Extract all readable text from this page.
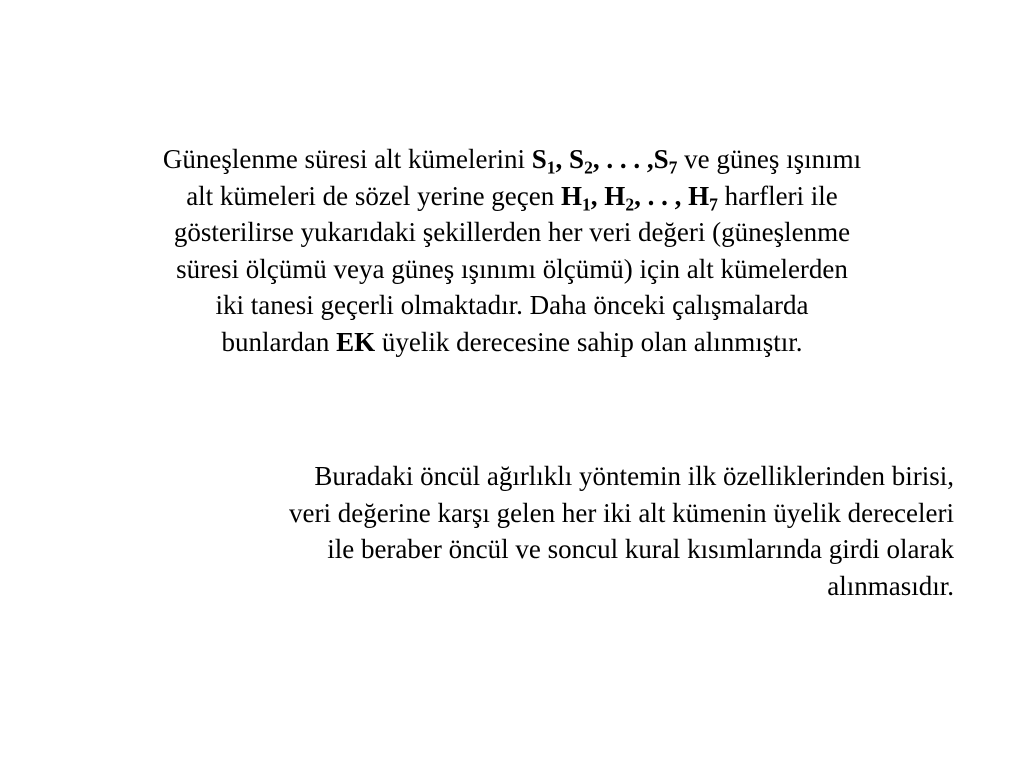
Güneşlenme süresi alt kümelerini $S_1$, $S_2$, . . . $,S_7$ ve güneş ışınımı
alt kümeleri de sözel yerine geçen $H_1$, $H_2$, . . , $H_7$ harfleri ile
gösterilirse yukarıdaki şekillerden her veri değeri (güneşlenme
süresi ölçümü veya güneş ışınımı ölçümü) için alt kümelerden
iki tanesi geçerli olmaktadır. Daha önceki çalışmalarda
bunlardan EK üyelik derecesine sahip olan alınmıştır.

Buradaki öncül ağırlıklı yöntemin ilk özelliklerinden birisi,
veri değerine karşı gelen her iki alt kümenin üyelik dereceleri
ile beraber öncül ve soncul kural kısımlarında girdi olarak
alınmasıdır.
